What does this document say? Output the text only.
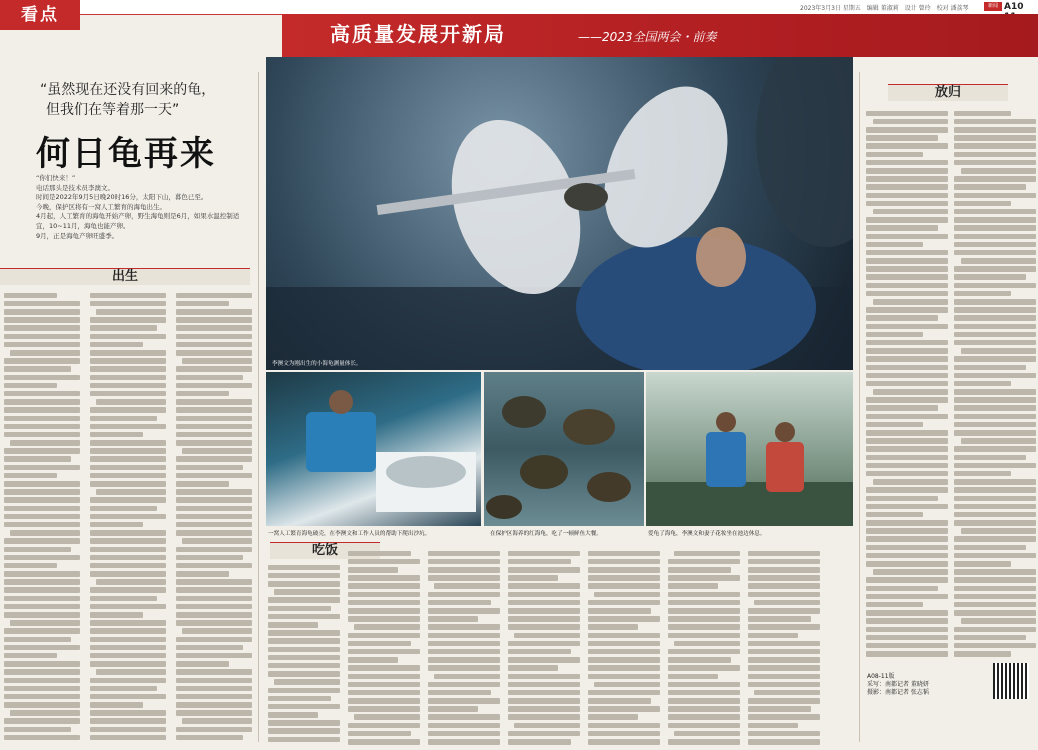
看点	2023年3月3日 星期五　编辑 董淑莉　设计 曾玲　校对 潘荔琴	新闻 A10
高质量发展开新局	——2023全国两会・前奏
“虽然现在还没有回来的龟，
但我们在等着那一天”
何日龟再来
“你们快来！”
电话那头是技术员李澳文。
时间是2022年9月5日晚20时16分，太阳下山，暮色已至。
今晚，保护区将有一窝人工繁育的海龟出生。
4月起，人工繁育的海龟开始产卵，野生海龟则是6月，如果水温控制适宜，10~11月，海龟也能产卵。
9月，正是海龟产卵旺盛季。
出生
李澳文为刚出生的小海龟测量体长。
一窝人工繁育海龟破壳，在李澳文和工作人员的帮助下爬出沙坑。	在保护区海养的红海龟，吃了一顿鲜鱼大餐。	爱龟了海龟，李澳文和妻子花妆坐在池边休息。
吃饭
放归
A08-11版
采写：南都记者 董晓妍
摄影：南都记者 张志韬
